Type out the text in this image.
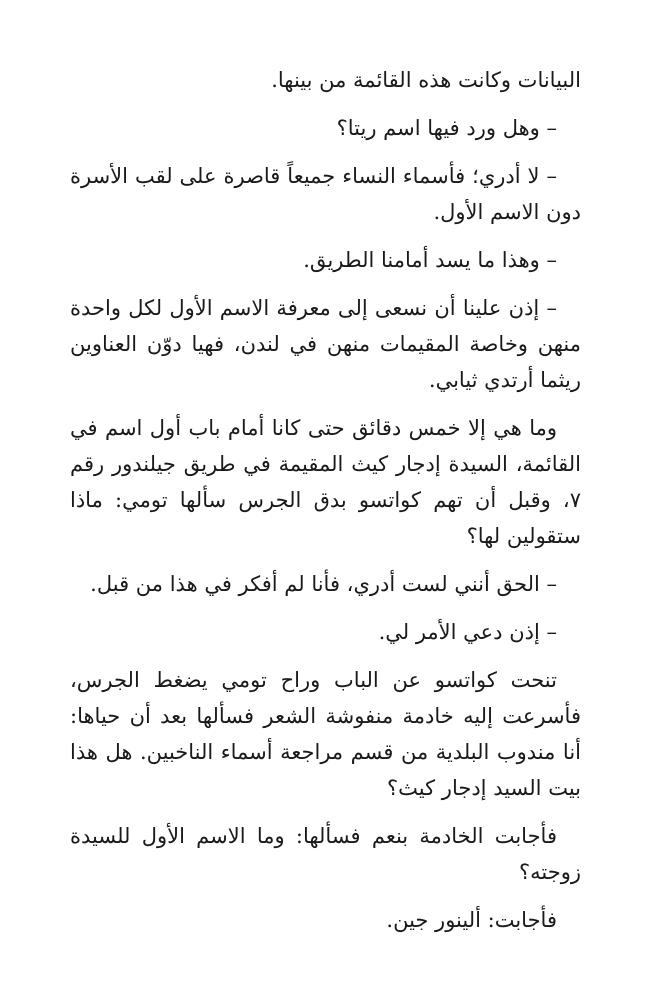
البيانات وكانت هذه القائمة من بينها.

– وهل ورد فيها اسم ريتا؟

– لا أدري؛ فأسماء النساء جميعاً قاصرة على لقب الأسرة دون الاسم الأول.

– وهذا ما يسد أمامنا الطريق.

– إذن علينا أن نسعى إلى معرفة الاسم الأول لكل واحدة منهن وخاصة المقيمات منهن في لندن، فهيا دوّن العناوين ريثما أرتدي ثيابي.

وما هي إلا خمس دقائق حتى كانا أمام باب أول اسم في القائمة، السيدة إدجار كيث المقيمة في طريق جيلندور رقم ٧، وقبل أن تهم كواتسو بدق الجرس سألها تومي: ماذا ستقولين لها؟

– الحق أنني لست أدري، فأنا لم أفكر في هذا من قبل.

– إذن دعي الأمر لي.

تنحت كواتسو عن الباب وراح تومي يضغط الجرس، فأسرعت إليه خادمة منفوشة الشعر فسألها بعد أن حياها: أنا مندوب البلدية من قسم مراجعة أسماء الناخبين. هل هذا بيت السيد إدجار كيث؟

فأجابت الخادمة بنعم فسألها: وما الاسم الأول للسيدة زوجته؟

فأجابت: ألينور جين.
